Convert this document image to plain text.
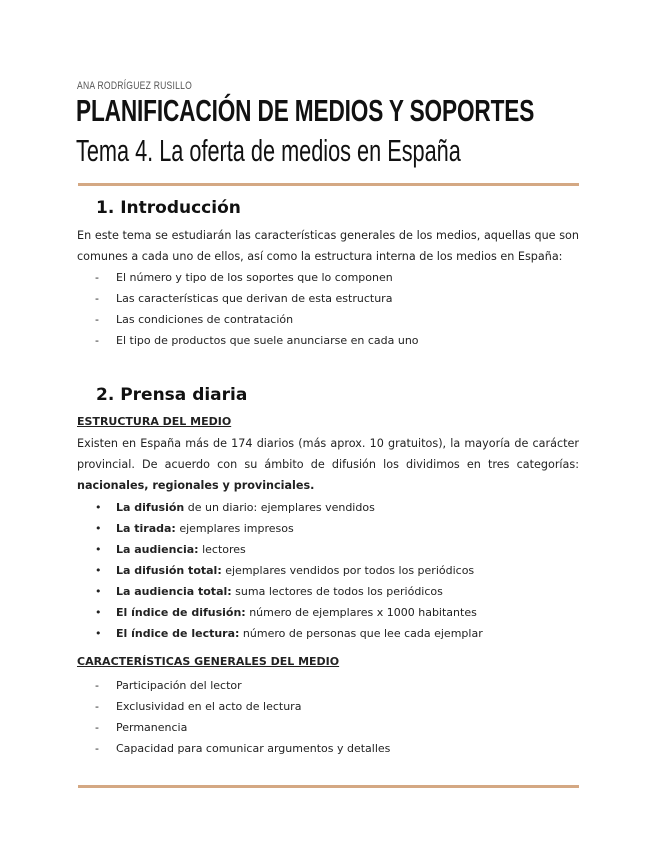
ANA RODRÍGUEZ RUSILLO
PLANIFICACIÓN DE MEDIOS Y SOPORTES
Tema 4. La oferta de medios en España
1. Introducción
En este tema se estudiarán las características generales de los medios, aquellas que son comunes a cada uno de ellos, así como la estructura interna de los medios en España:
- El número y tipo de los soportes que lo componen
- Las características que derivan de esta estructura
- Las condiciones de contratación
- El tipo de productos que suele anunciarse en cada uno
2. Prensa diaria
ESTRUCTURA DEL MEDIO
Existen en España más de 174 diarios (más aprox. 10 gratuitos), la mayoría de carácter provincial. De acuerdo con su ámbito de difusión los dividimos en tres categorías: nacionales, regionales y provinciales.
• La difusión de un diario: ejemplares vendidos
• La tirada: ejemplares impresos
• La audiencia: lectores
• La difusión total: ejemplares vendidos por todos los periódicos
• La audiencia total: suma lectores de todos los periódicos
• El índice de difusión: número de ejemplares x 1000 habitantes
• El índice de lectura: número de personas que lee cada ejemplar
CARACTERÍSTICAS GENERALES DEL MEDIO
- Participación del lector
- Exclusividad en el acto de lectura
- Permanencia
- Capacidad para comunicar argumentos y detalles
